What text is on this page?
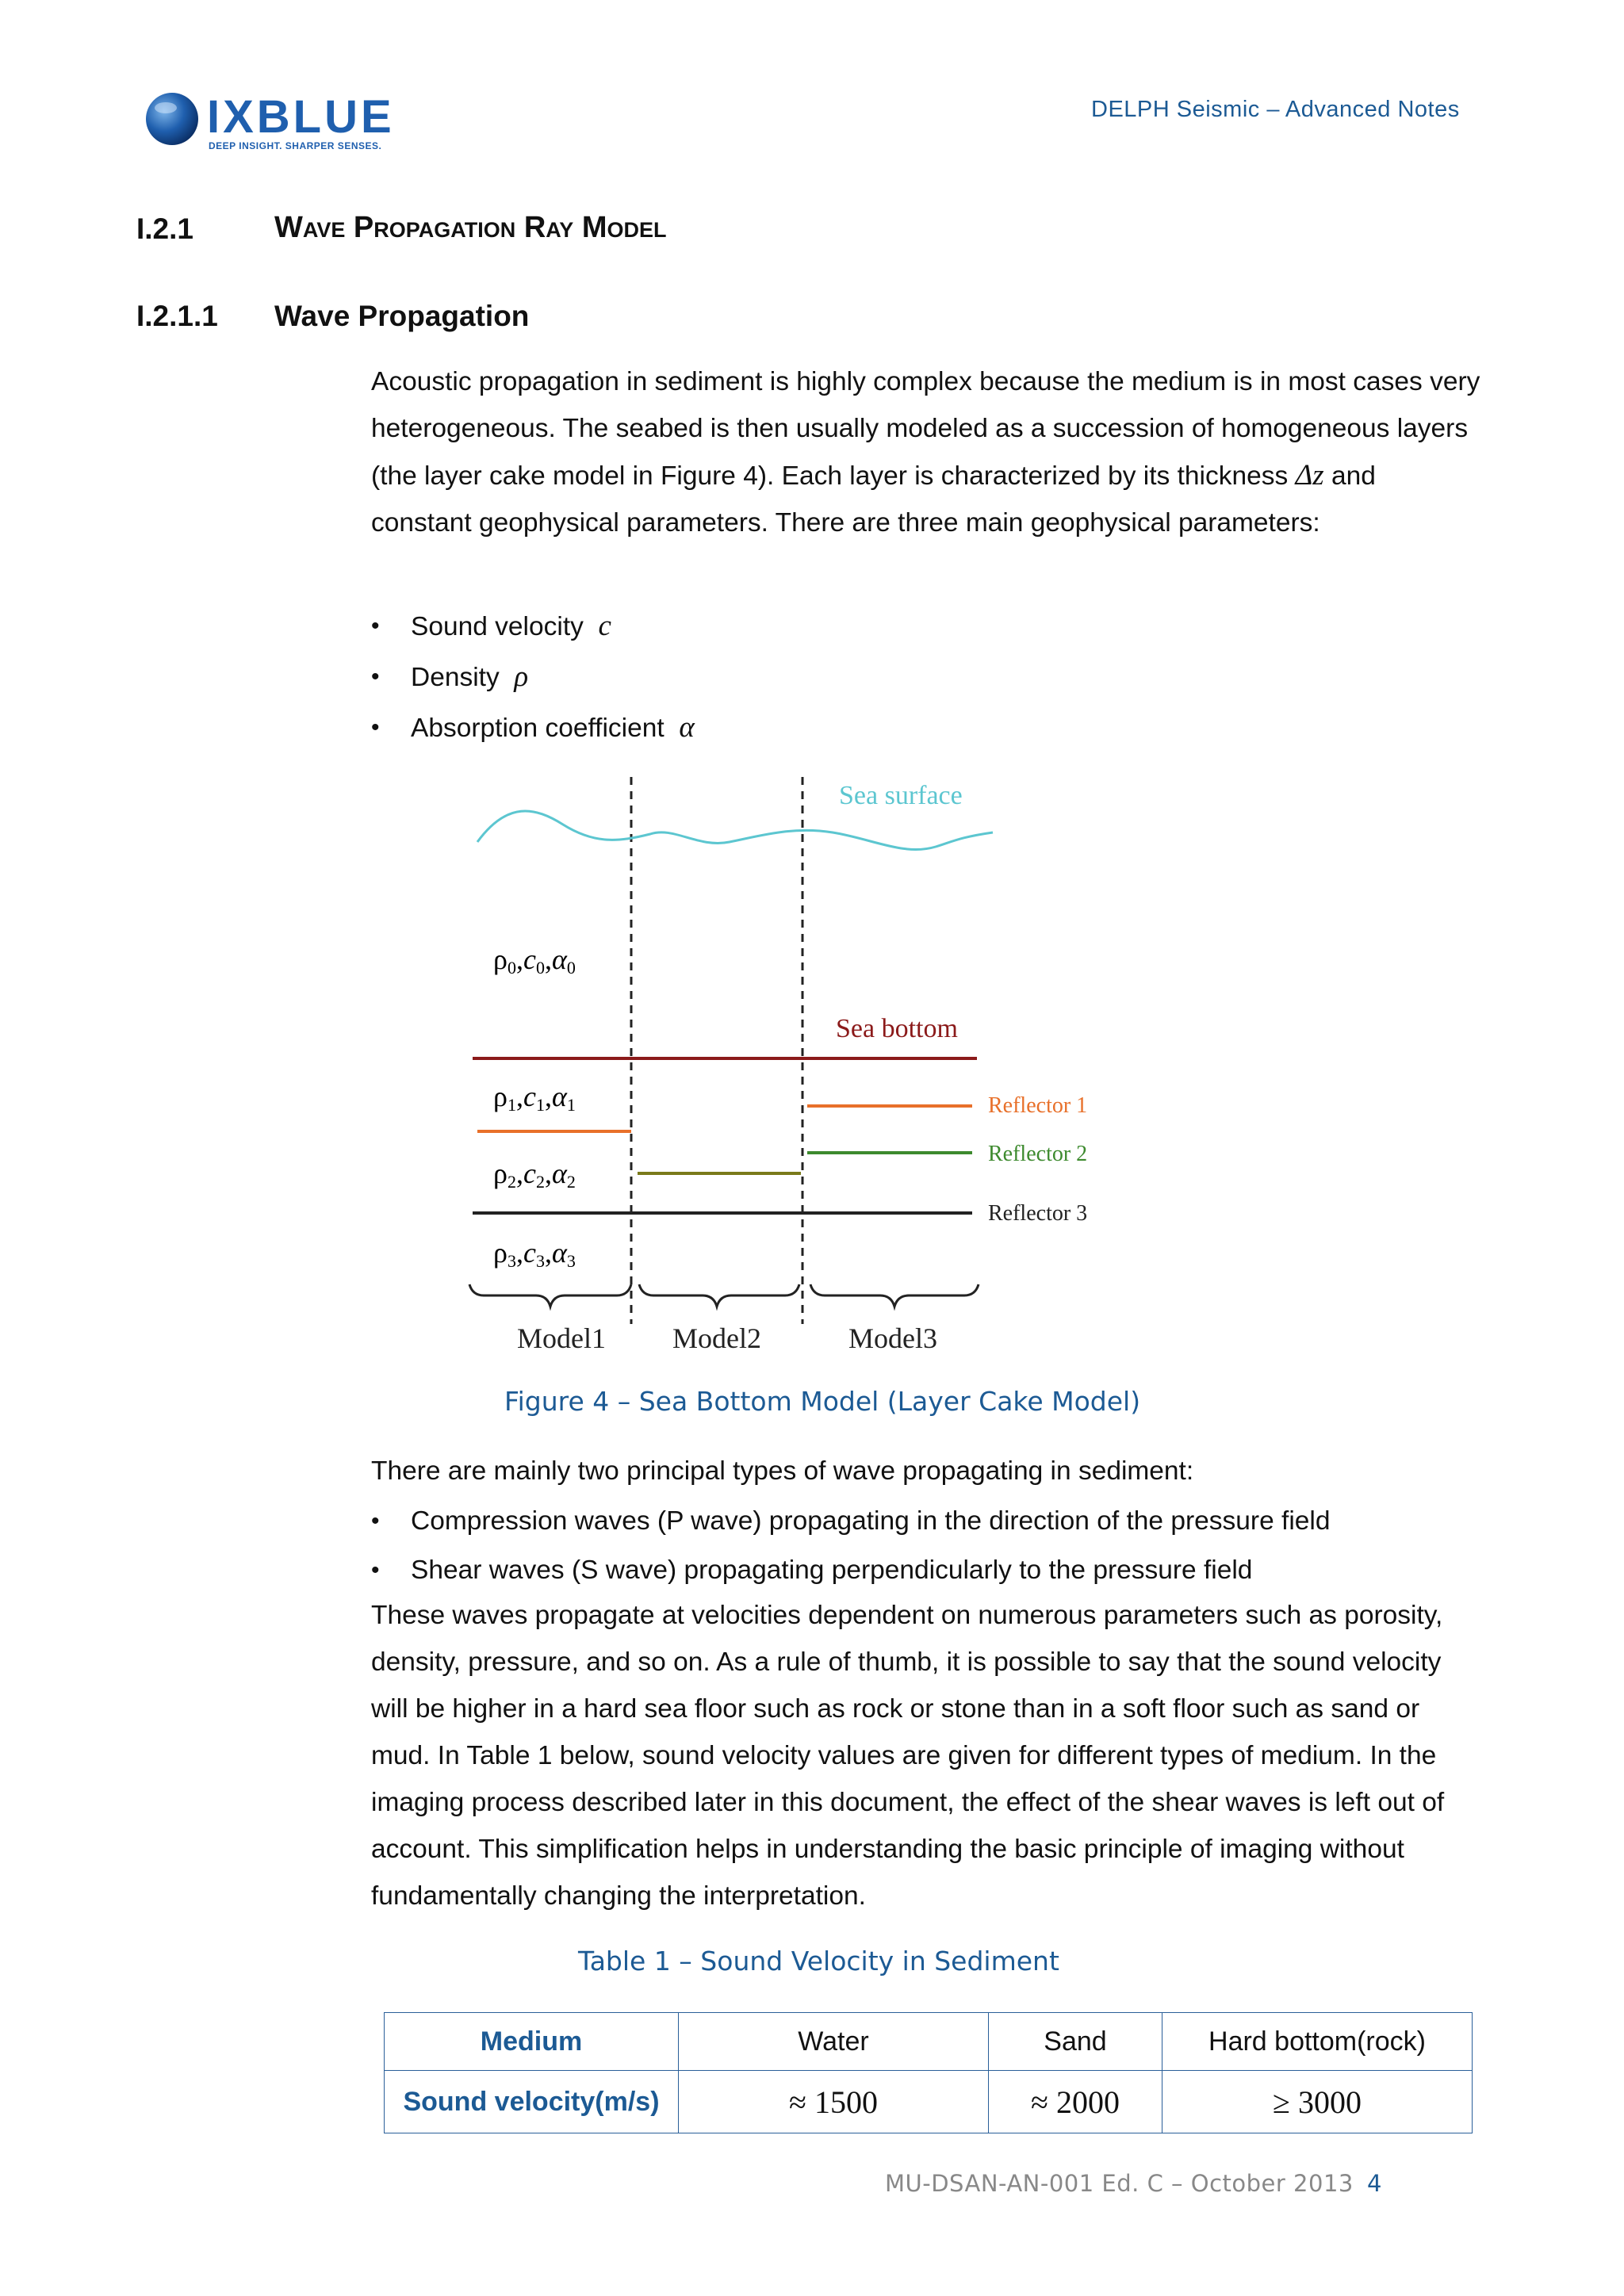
IXBLUE
DEEP INSIGHT. SHARPER SENSES.
DELPH Seismic – Advanced Notes
I.2.1	Wave Propagation Ray Model
I.2.1.1 Wave Propagation

Acoustic propagation in sediment is highly complex because the medium is in most cases very heterogeneous. The seabed is then usually modeled as a succession of homogeneous layers (the layer cake model in Figure 4). Each layer is characterized by its thickness Δz and constant geophysical parameters. There are three main geophysical parameters:

• Sound velocity c
• Density ρ
• Absorption coefficient α
Sea surface
ρ0,c0,α0
Sea bottom
ρ1,c1,α1	Reflector 1
Reflector 2
ρ2,c2,α2
Reflector 3
ρ3,c3,α3
Model1 Model2	Model3
Figure 4 – Sea Bottom Model (Layer Cake Model)
There are mainly two principal types of wave propagating in sediment:
• Compression waves (P wave) propagating in the direction of the pressure field
• Shear waves (S wave) propagating perpendicularly to the pressure field
These waves propagate at velocities dependent on numerous parameters such as porosity, density, pressure, and so on. As a rule of thumb, it is possible to say that the sound velocity will be higher in a hard sea floor such as rock or stone than in a soft floor such as sand or mud. In Table 1 below, sound velocity values are given for different types of medium. In the imaging process described later in this document, the effect of the shear waves is left out of account. This simplification helps in understanding the basic principle of imaging without fundamentally changing the interpretation.
Table 1 – Sound Velocity in Sediment
Medium	Water	Sand	Hard bottom(rock)
Sound velocity(m/s)	≈ 1500	≈ 2000	≥ 3000
MU-DSAN-AN-001 Ed. C – October 2013 4
